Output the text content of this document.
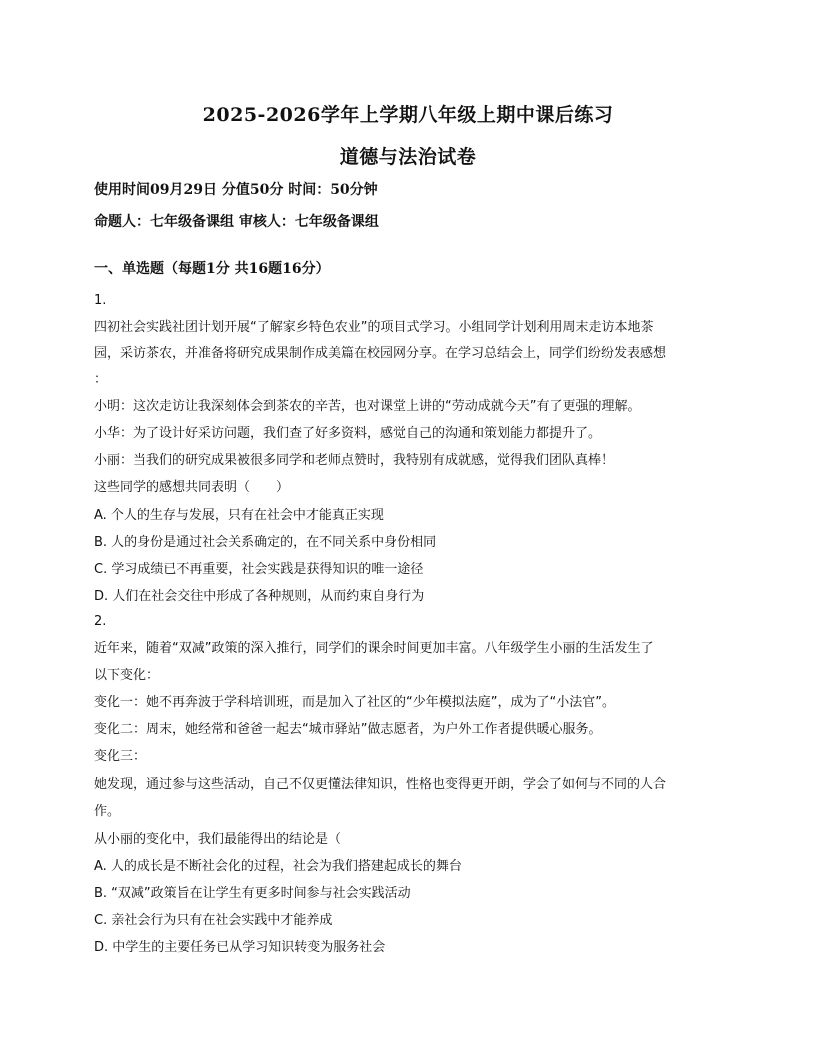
2025-2026学年上学期八年级上期中课后练习
道德与法治试卷
使用时间09月29日 分值50分 时间：50分钟
命题人：七年级备课组 审核人：七年级备课组
一、单选题（每题1分 共16题16分）
1.
四初社会实践社团计划开展“了解家乡特色农业”的项目式学习。小组同学计划利用周末走访本地茶
园，采访茶农，并准备将研究成果制作成美篇在校园网分享。在学习总结会上，同学们纷纷发表感想
：
小明：这次走访让我深刻体会到茶农的辛苦，也对课堂上讲的“劳动成就今天”有了更强的理解。
小华：为了设计好采访问题，我们查了好多资料，感觉自己的沟通和策划能力都提升了。
小丽：当我们的研究成果被很多同学和老师点赞时，我特别有成就感，觉得我们团队真棒！
这些同学的感想共同表明（　　）
A. 个人的生存与发展，只有在社会中才能真正实现
B. 人的身份是通过社会关系确定的，在不同关系中身份相同
C. 学习成绩已不再重要，社会实践是获得知识的唯一途径
D. 人们在社会交往中形成了各种规则，从而约束自身行为
2.
近年来，随着“双减”政策的深入推行，同学们的课余时间更加丰富。八年级学生小丽的生活发生了
以下变化：
变化一：她不再奔波于学科培训班，而是加入了社区的“少年模拟法庭”，成为了“小法官”。
变化二：周末，她经常和爸爸一起去“城市驿站”做志愿者，为户外工作者提供暖心服务。
变化三：
她发现，通过参与这些活动，自己不仅更懂法律知识，性格也变得更开朗，学会了如何与不同的人合
作。
从小丽的变化中，我们最能得出的结论是（
A. 人的成长是不断社会化的过程，社会为我们搭建起成长的舞台
B. “双减”政策旨在让学生有更多时间参与社会实践活动
C. 亲社会行为只有在社会实践中才能养成
D. 中学生的主要任务已从学习知识转变为服务社会
